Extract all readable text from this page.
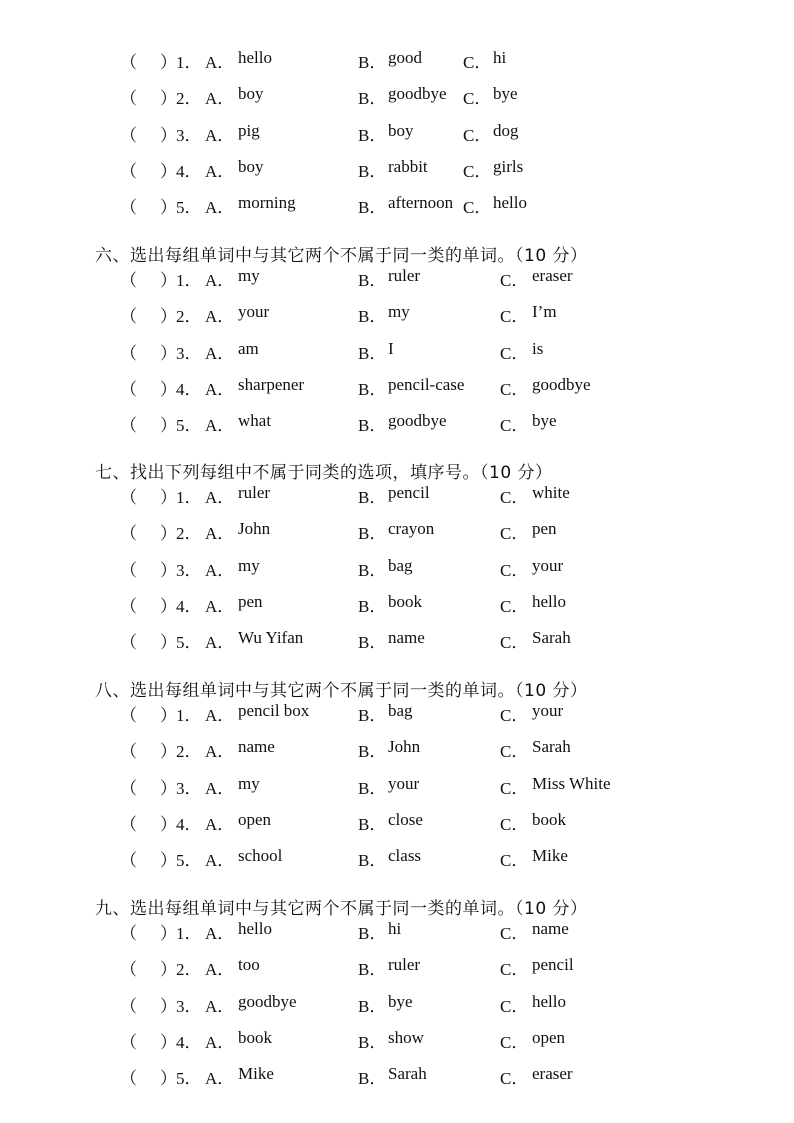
（ ） 1． A． hello	B． good C． hi
（ ） 2． A． boy	B． goodbye C． bye
（ ） 3． A． pig	B． boy	C． dog
（ ） 4． A． boy	B． rabbit C． girls
（ ） 5． A． morning	B． afternoon C． hello
六、选出每组单词中与其它两个不属于同一类的单词。（10 分）
（ ） 1． A． my	B． ruler	C． eraser
（ ） 2． A． your	B． my	C． I’m
（ ） 3． A． am	B． I	C． is
（ ） 4． A． sharpener	B． pencil-case C． goodbye
（ ） 5． A． what	B． goodbye	C． bye
七、找出下列每组中不属于同类的选项，填序号。（10 分）
（ ） 1． A． ruler	B． pencil	C． white
（ ） 2． A． John	B． crayon	C． pen
（ ） 3． A． my	B． bag	C． your
（ ） 4． A． pen	B． book	C． hello
（ ） 5． A． Wu Yifan	B． name	C． Sarah
八、选出每组单词中与其它两个不属于同一类的单词。（10 分）
（ ） 1． A． pencil box	B． bag	C． your
（ ） 2． A． name	B． John	C． Sarah
（ ） 3． A． my	B． your	C． Miss White
（ ） 4． A． open	B． close	C． book
（ ） 5． A． school	B． class	C． Mike
九、选出每组单词中与其它两个不属于同一类的单词。（10 分）
（ ） 1． A． hello	B． hi	C． name
（ ） 2． A． too	B． ruler	C． pencil
（ ） 3． A． goodbye	B． bye	C． hello
（ ） 4． A． book	B． show	C． open
（ ） 5． A． Mike	B． Sarah	C． eraser
